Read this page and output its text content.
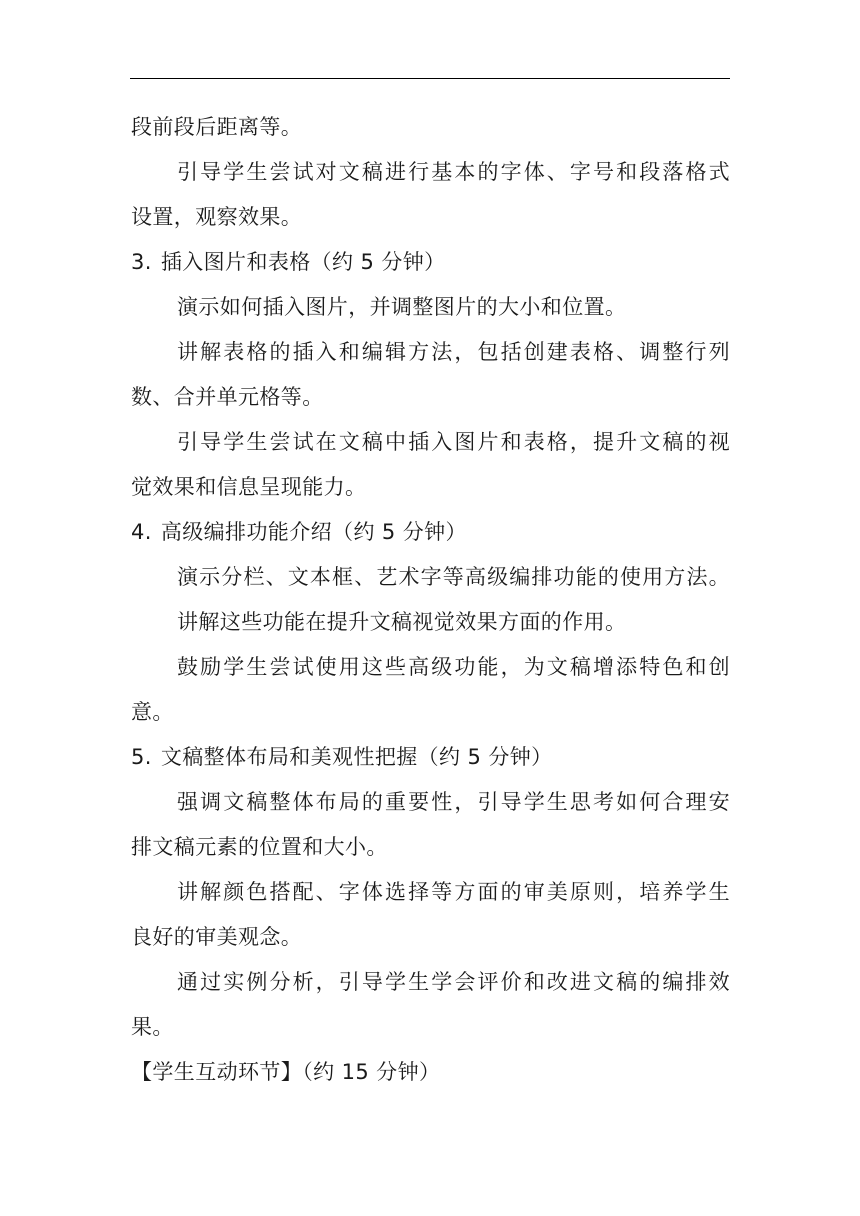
段前段后距离等。
引导学生尝试对文稿进行基本的字体、字号和段落格式
设置，观察效果。
3. 插入图片和表格（约 5 分钟）
演示如何插入图片，并调整图片的大小和位置。
讲解表格的插入和编辑方法，包括创建表格、调整行列
数、合并单元格等。
引导学生尝试在文稿中插入图片和表格，提升文稿的视
觉效果和信息呈现能力。
4. 高级编排功能介绍（约 5 分钟）
演示分栏、文本框、艺术字等高级编排功能的使用方法。
讲解这些功能在提升文稿视觉效果方面的作用。
鼓励学生尝试使用这些高级功能，为文稿增添特色和创
意。
5. 文稿整体布局和美观性把握（约 5 分钟）
强调文稿整体布局的重要性，引导学生思考如何合理安
排文稿元素的位置和大小。
讲解颜色搭配、字体选择等方面的审美原则，培养学生
良好的审美观念。
通过实例分析，引导学生学会评价和改进文稿的编排效
果。
【学生互动环节】（约 15 分钟）
